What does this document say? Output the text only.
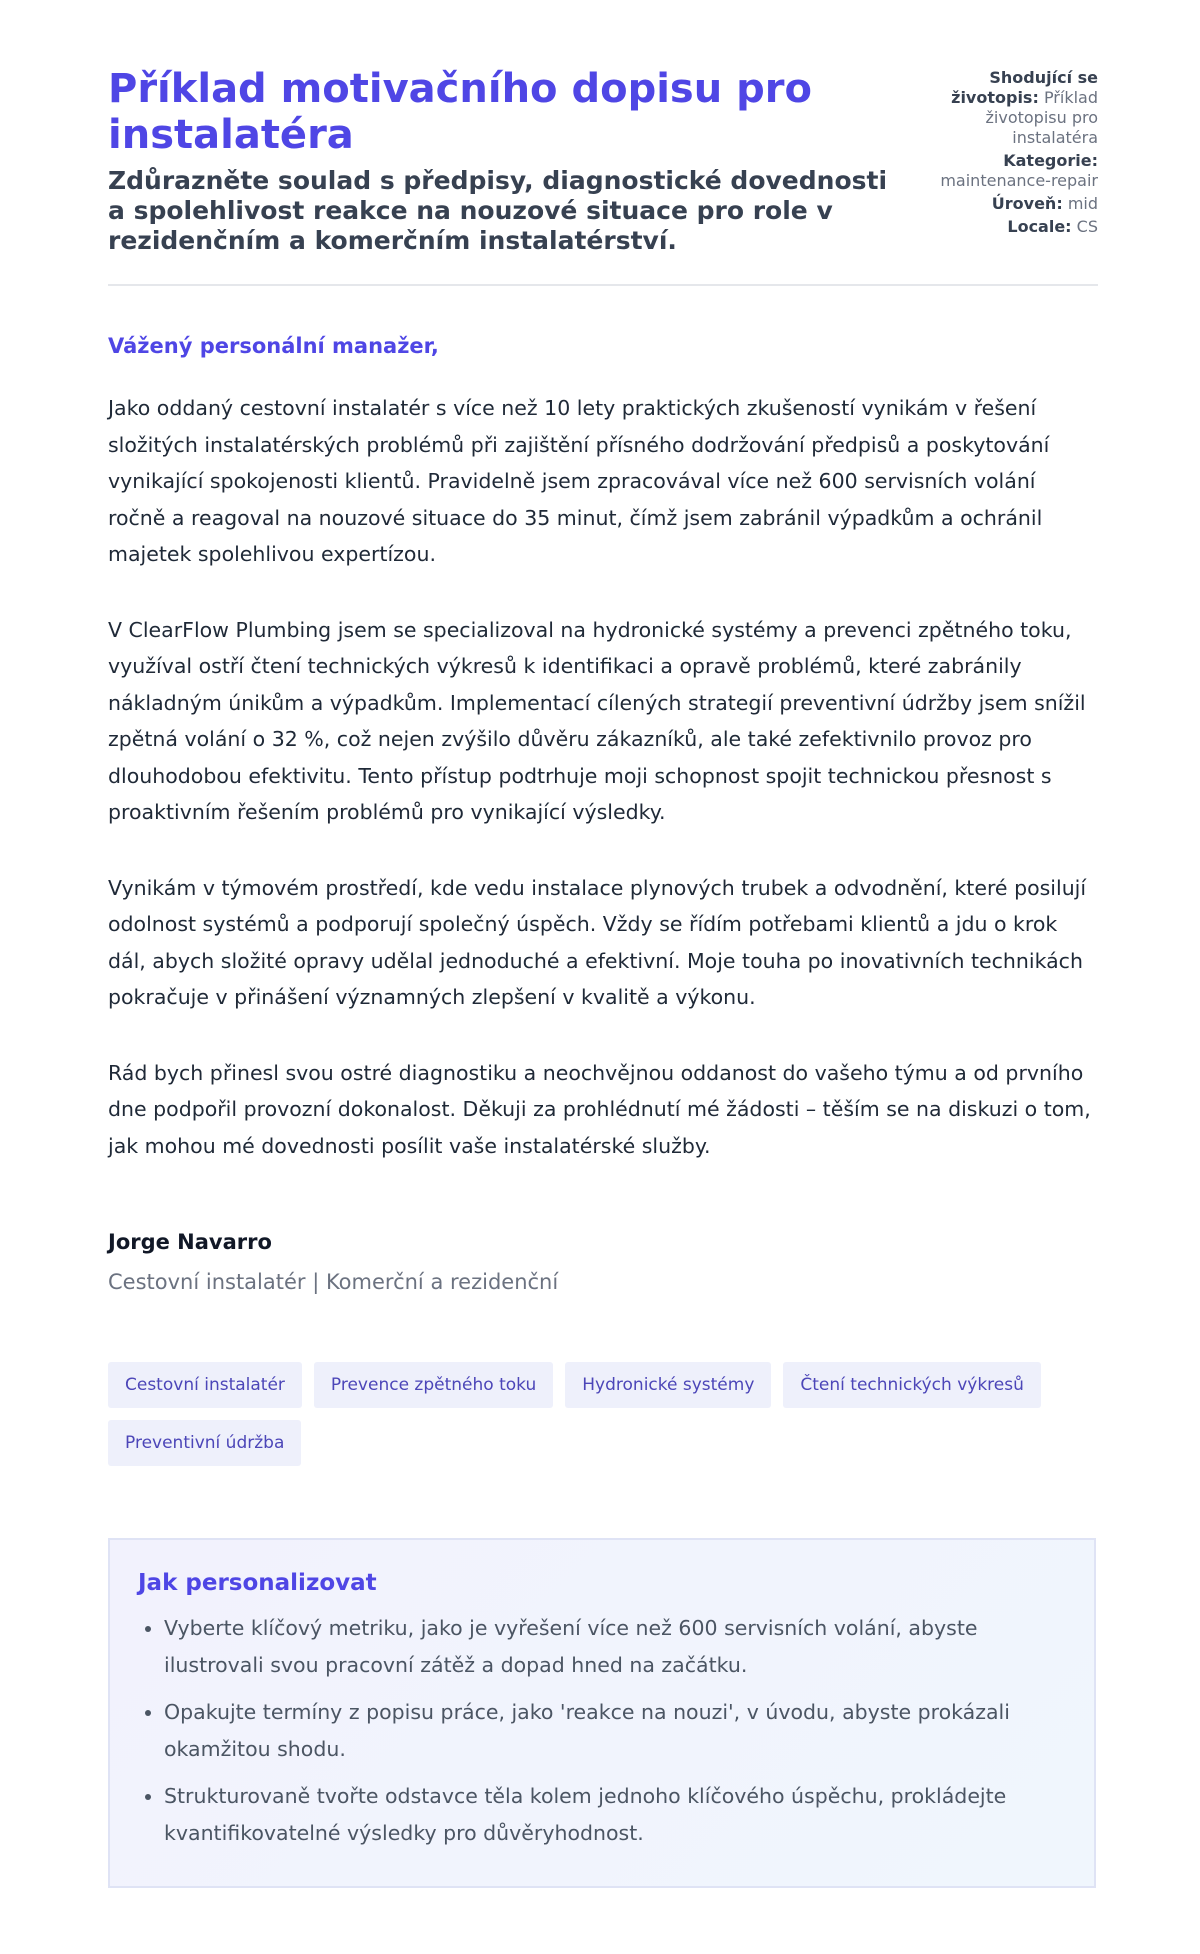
Příklad motivačního dopisu pro instalatéra
Zdůrazněte soulad s předpisy, diagnostické dovednosti a spolehlivost reakce na nouzové situace pro role v rezidenčním a komerčním instalatérství.
Shodující se životopis: Příklad životopisu pro instalatéra
Kategorie:
maintenance-repair
Úroveň: mid
Locale: CS

Vážený personální manažer,

Jako oddaný cestovní instalatér s více než 10 lety praktických zkušeností vynikám v řešení složitých instalatérských problémů při zajištění přísného dodržování předpisů a poskytování vynikající spokojenosti klientů. Pravidelně jsem zpracovával více než 600 servisních volání ročně a reagoval na nouzové situace do 35 minut, čímž jsem zabránil výpadkům a ochránil majetek spolehlivou expertízou.

V ClearFlow Plumbing jsem se specializoval na hydronické systémy a prevenci zpětného toku, využíval ostří čtení technických výkresů k identifikaci a opravě problémů, které zabránily nákladným únikům a výpadkům. Implementací cílených strategií preventivní údržby jsem snížil zpětná volání o 32 %, což nejen zvýšilo důvěru zákazníků, ale také zefektivnilo provoz pro dlouhodobou efektivitu. Tento přístup podtrhuje moji schopnost spojit technickou přesnost s proaktivním řešením problémů pro vynikající výsledky.

Vynikám v týmovém prostředí, kde vedu instalace plynových trubek a odvodnění, které posilují odolnost systémů a podporují společný úspěch. Vždy se řídím potřebami klientů a jdu o krok dál, abych složité opravy udělal jednoduché a efektivní. Moje touha po inovativních technikách pokračuje v přinášení významných zlepšení v kvalitě a výkonu.

Rád bych přinesl svou ostré diagnostiku a neochvějnou oddanost do vašeho týmu a od prvního dne podpořil provozní dokonalost. Děkuji za prohlédnutí mé žádosti – těším se na diskuzi o tom, jak mohou mé dovednosti posílit vaše instalatérské služby.

Jorge Navarro
Cestovní instalatér | Komerční a rezidenční
Cestovní instalatér	Prevence zpětného toku	Hydronické systémy	Čtení technických výkresů
Preventivní údržba
Jak personalizovat
• Vyberte klíčový metriku, jako je vyřešení více než 600 servisních volání, abyste ilustrovali svou pracovní zátěž a dopad hned na začátku.
• Opakujte termíny z popisu práce, jako 'reakce na nouzi', v úvodu, abyste prokázali okamžitou shodu.
• Strukturovaně tvořte odstavce těla kolem jednoho klíčového úspěchu, prokládejte kvantifikovatelné výsledky pro důvěryhodnost.
